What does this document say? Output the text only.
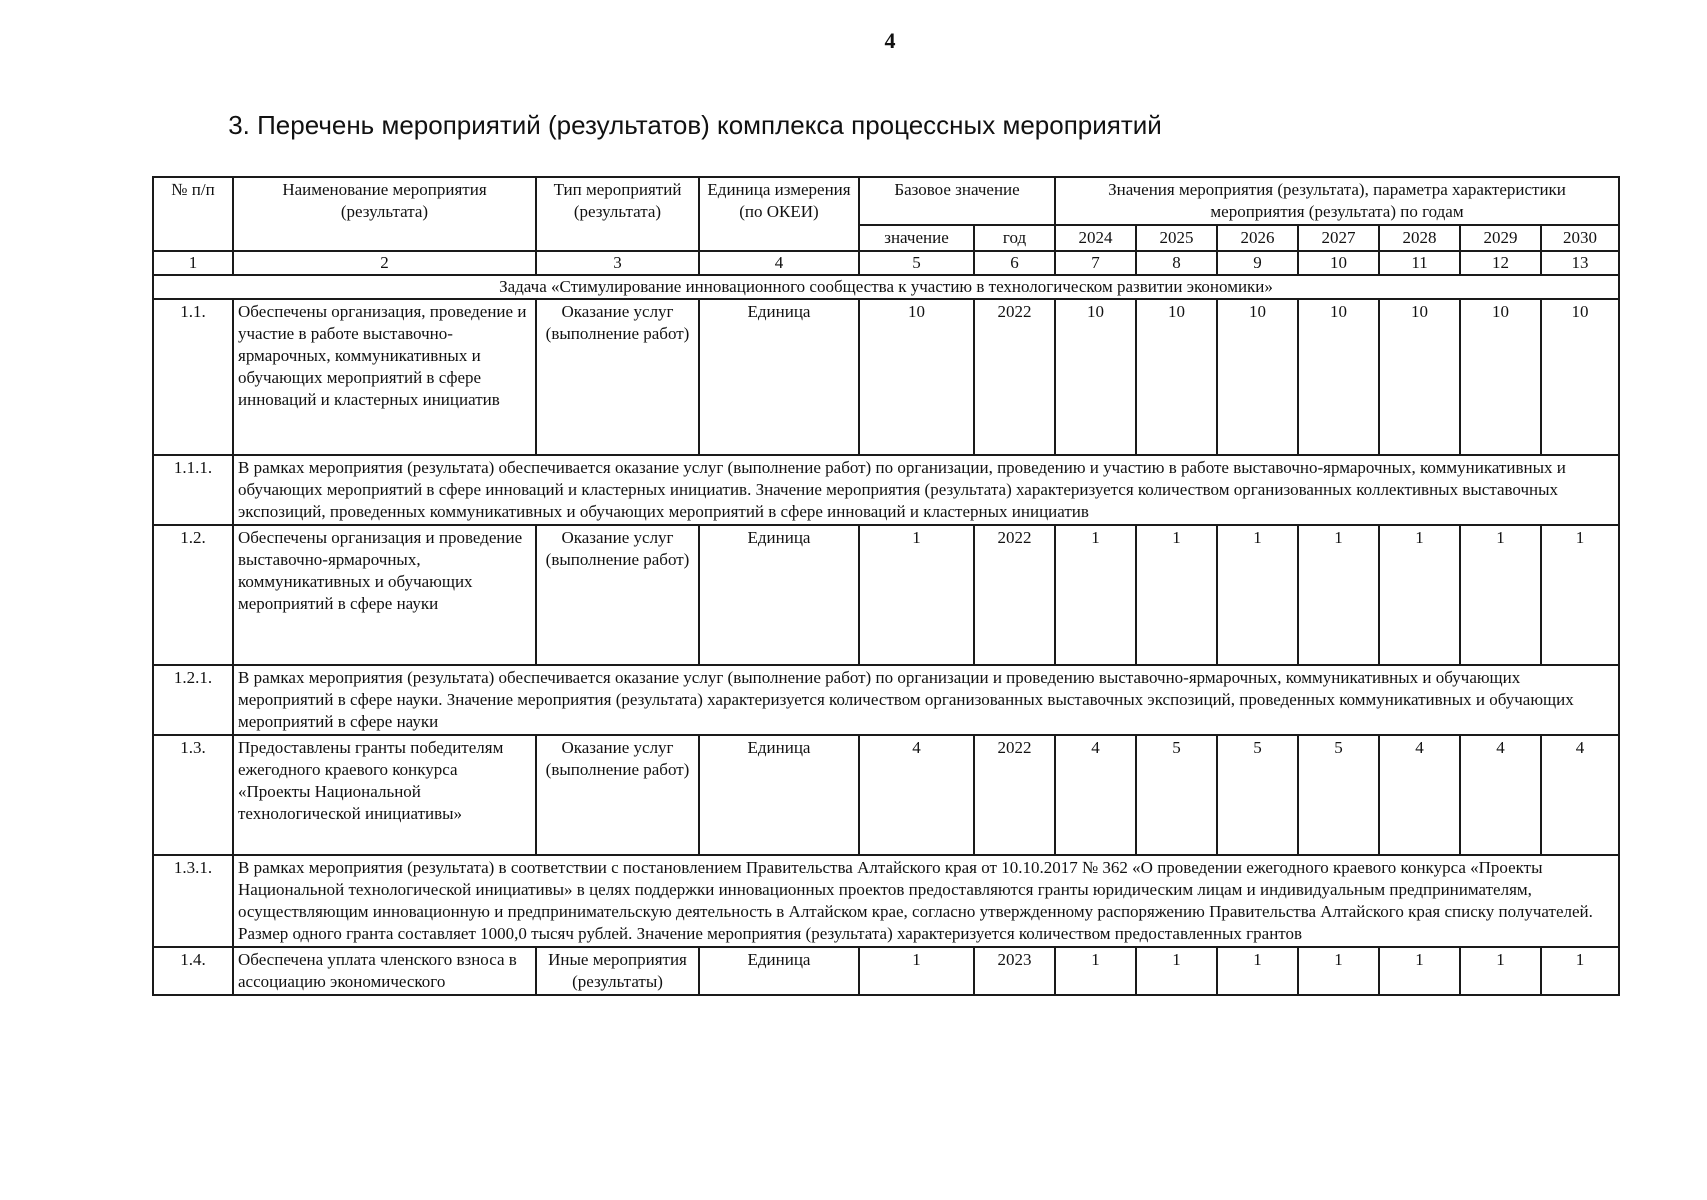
4
3. Перечень мероприятий (результатов) комплекса процессных мероприятий
№ п/п	Наименование мероприятия (результата)	Тип мероприятий (результата)	Единица измерения (по ОКЕИ)	Базовое значение		Значения мероприятия (результата), параметра характеристики мероприятия (результата) по годам						
				значение	год	2024	2025	2026	2027	2028	2029	2030
1	2	3	4	5	6	7	8	9	10	11	12	13
Задача «Стимулирование инновационного сообщества к участию в технологическом развитии экономики»												
1.1.	Обеспечены организация, проведение и участие в работе выставочно-ярмарочных, коммуникативных и обучающих мероприятий в сфере инноваций и кластерных инициатив	Оказание услуг (выполнение работ)	Единица	10	2022	10	10	10	10	10	10	10
1.1.1.	В рамках мероприятия (результата) обеспечивается оказание услуг (выполнение работ) по организации, проведению и участию в работе выставочно-ярмарочных, коммуникативных и обучающих мероприятий в сфере инноваций и кластерных инициатив. Значение мероприятия (результата) характеризуется количеством организованных коллективных выставочных экспозиций, проведенных коммуникативных и обучающих мероприятий в сфере инноваций и кластерных инициатив											
1.2.	Обеспечены организация и проведение выставочно-ярмарочных, коммуникативных и обучающих мероприятий в сфере науки	Оказание услуг (выполнение работ)	Единица	1	2022	1	1	1	1	1	1	1
1.2.1.	В рамках мероприятия (результата) обеспечивается оказание услуг (выполнение работ) по организации и проведению выставочно-ярмарочных, коммуникативных и обучающих мероприятий в сфере науки. Значение мероприятия (результата) характеризуется количеством организованных выставочных экспозиций, проведенных коммуникативных и обучающих мероприятий в сфере науки											
1.3.	Предоставлены гранты победителям ежегодного краевого конкурса «Проекты Национальной технологической инициативы»	Оказание услуг (выполнение работ)	Единица	4	2022	4	5	5	5	4	4	4
1.3.1.	В рамках мероприятия (результата) в соответствии с постановлением Правительства Алтайского края от 10.10.2017 № 362 «О проведении ежегодного краевого конкурса «Проекты Национальной технологической инициативы» в целях поддержки инновационных проектов предоставляются гранты юридическим лицам и индивидуальным предпринимателям, осуществляющим инновационную и предпринимательскую деятельность в Алтайском крае, согласно утвержденному распоряжению Правительства Алтайского края списку получателей. Размер одного гранта составляет 1000,0 тысяч рублей. Значение мероприятия (результата) характеризуется количеством предоставленных грантов											
1.4.	Обеспечена уплата членского взноса в ассоциацию экономического	Иные мероприятия (результаты)	Единица	1	2023	1	1	1	1	1	1	1
